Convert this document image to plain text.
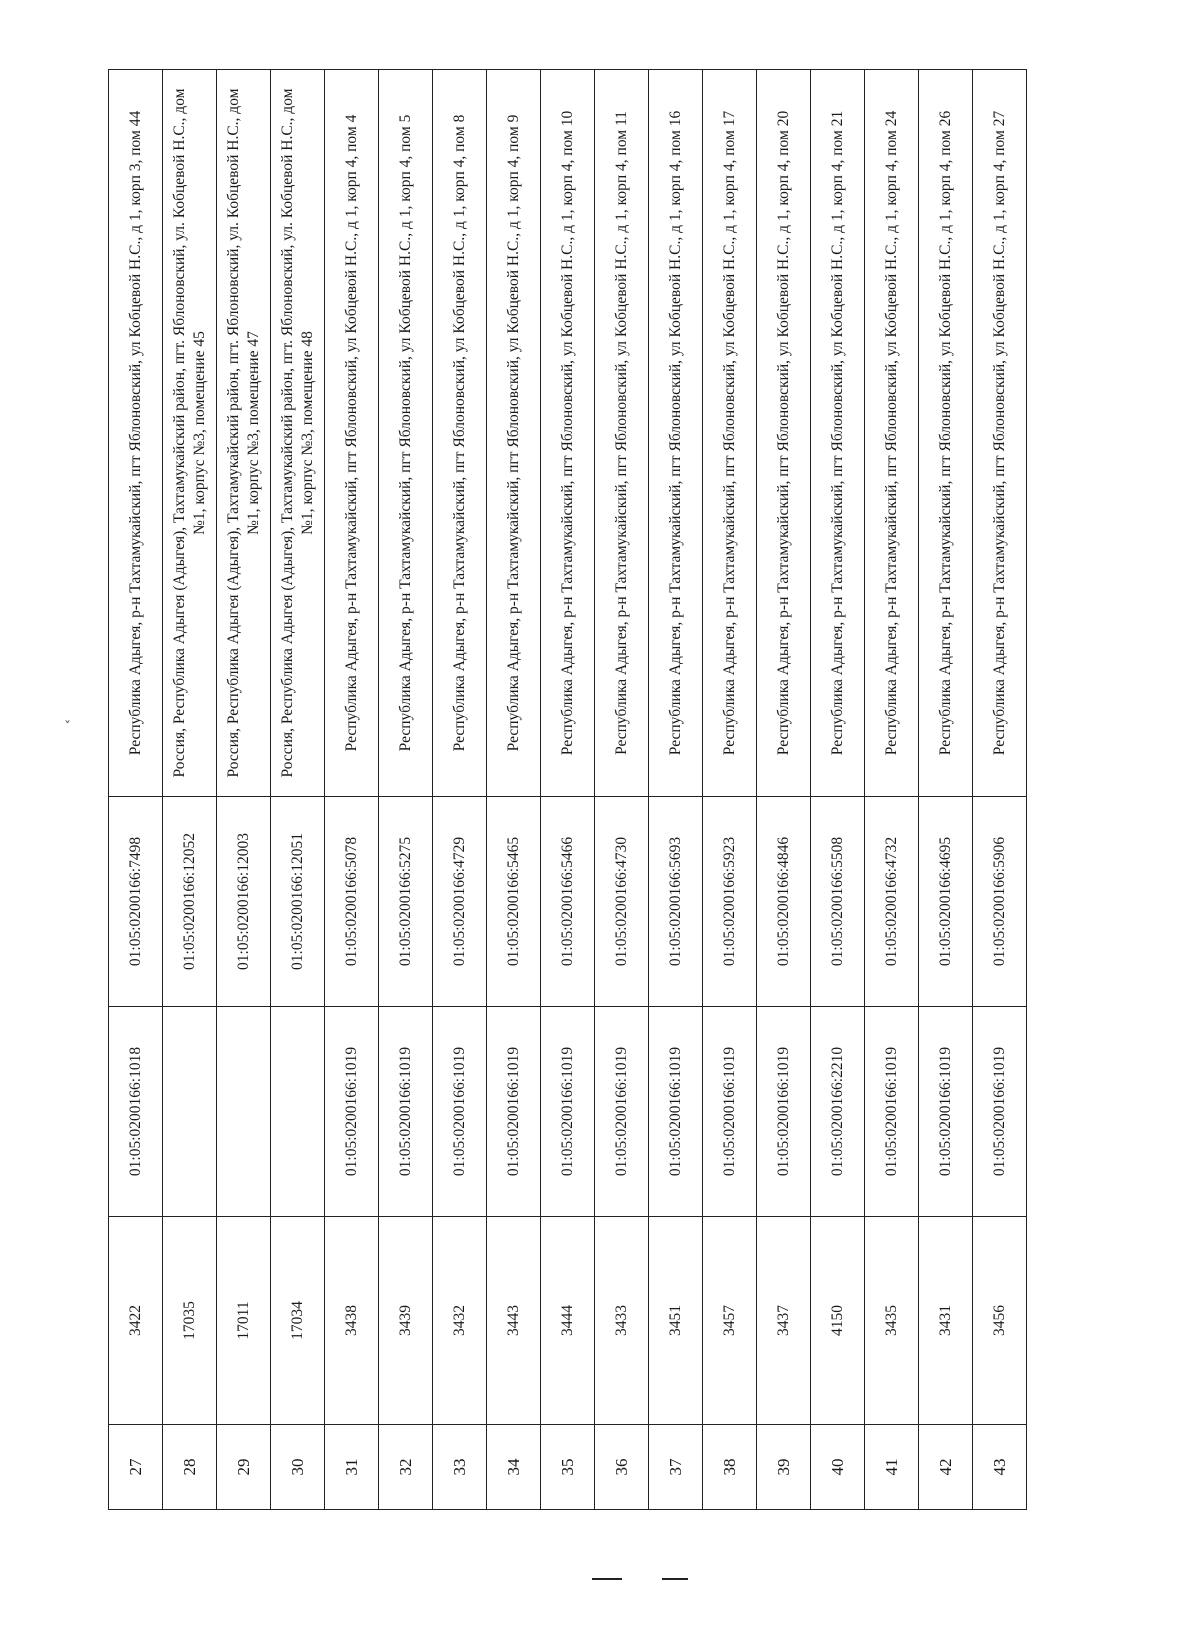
27	3422	01:05:0200166:1018	01:05:0200166:7498	Республика Адыгея, р-н Тахтамукайский, пгт Яблоновский, ул Кобцевой Н.С., д 1, корп 3, пом 44
28	17035		01:05:0200166:12052	Россия, Республика Адыгея (Адыгея), Тахтамукайский район, пгт. Яблоновский, ул. Кобцевой Н.С., дом №1, корпус №3, помещение 45
29	17011		01:05:0200166:12003	Россия, Республика Адыгея (Адыгея), Тахтамукайский район, пгт. Яблоновский, ул. Кобцевой Н.С., дом №1, корпус №3, помещение 47
30	17034		01:05:0200166:12051	Россия, Республика Адыгея (Адыгея), Тахтамукайский район, пгт. Яблоновский, ул. Кобцевой Н.С., дом №1, корпус №3, помещение 48
31	3438	01:05:0200166:1019	01:05:0200166:5078	Республика Адыгея, р-н Тахтамукайский, пгт Яблоновский, ул Кобцевой Н.С., д 1, корп 4, пом 4
32	3439	01:05:0200166:1019	01:05:0200166:5275	Республика Адыгея, р-н Тахтамукайский, пгт Яблоновский, ул Кобцевой Н.С., д 1, корп 4, пом 5
33	3432	01:05:0200166:1019	01:05:0200166:4729	Республика Адыгея, р-н Тахтамукайский, пгт Яблоновский, ул Кобцевой Н.С., д 1, корп 4, пом 8
34	3443	01:05:0200166:1019	01:05:0200166:5465	Республика Адыгея, р-н Тахтамукайский, пгт Яблоновский, ул Кобцевой Н.С., д 1, корп 4, пом 9
35	3444	01:05:0200166:1019	01:05:0200166:5466	Республика Адыгея, р-н Тахтамукайский, пгт Яблоновский, ул Кобцевой Н.С., д 1, корп 4, пом 10
36	3433	01:05:0200166:1019	01:05:0200166:4730	Республика Адыгея, р-н Тахтамукайский, пгт Яблоновский, ул Кобцевой Н.С., д 1, корп 4, пом 11
37	3451	01:05:0200166:1019	01:05:0200166:5693	Республика Адыгея, р-н Тахтамукайский, пгт Яблоновский, ул Кобцевой Н.С., д 1, корп 4, пом 16
38	3457	01:05:0200166:1019	01:05:0200166:5923	Республика Адыгея, р-н Тахтамукайский, пгт Яблоновский, ул Кобцевой Н.С., д 1, корп 4, пом 17
39	3437	01:05:0200166:1019	01:05:0200166:4846	Республика Адыгея, р-н Тахтамукайский, пгт Яблоновский, ул Кобцевой Н.С., д 1, корп 4, пом 20
40	4150	01:05:0200166:2210	01:05:0200166:5508	Республика Адыгея, р-н Тахтамукайский, пгт Яблоновский, ул Кобцевой Н.С., д 1, корп 4, пом 21
41	3435	01:05:0200166:1019	01:05:0200166:4732	Республика Адыгея, р-н Тахтамукайский, пгт Яблоновский, ул Кобцевой Н.С., д 1, корп 4, пом 24
42	3431	01:05:0200166:1019	01:05:0200166:4695	Республика Адыгея, р-н Тахтамукайский, пгт Яблоновский, ул Кобцевой Н.С., д 1, корп 4, пом 26
43	3456	01:05:0200166:1019	01:05:0200166:5906	Республика Адыгея, р-н Тахтамукайский, пгт Яблоновский, ул Кобцевой Н.С., д 1, корп 4, пом 27
ˇ
